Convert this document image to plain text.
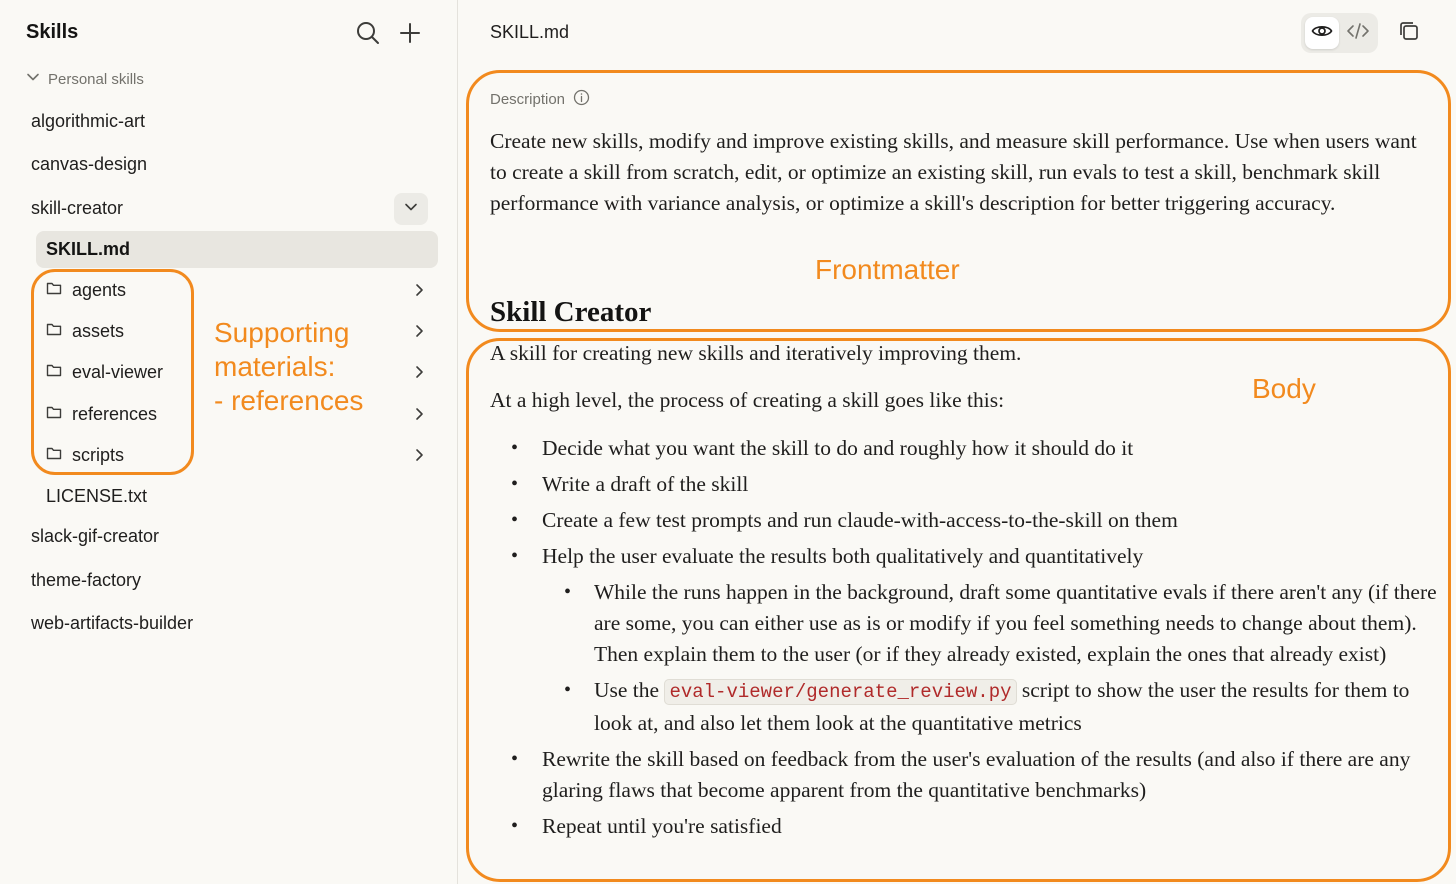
Skills
Personal skills
algorithmic-art
canvas-design
skill-creator
SKILL.md
agents
assets
eval-viewer
references
scripts
LICENSE.txt
slack-gif-creator
theme-factory
web-artifacts-builder
Supporting
materials:
- references
SKILL.md
Description

Create new skills, modify and improve existing skills, and measure skill performance. Use when users want to create a skill from scratch, edit, or optimize an existing skill, run evals to test a skill, benchmark skill performance with variance analysis, or optimize a skill's description for better triggering accuracy.

Skill Creator

A skill for creating new skills and iteratively improving them.

At a high level, the process of creating a skill goes like this:

• Decide what you want the skill to do and roughly how it should do it
• Write a draft of the skill
• Create a few test prompts and run claude-with-access-to-the-skill on them
• Help the user evaluate the results both qualitatively and quantitatively
• While the runs happen in the background, draft some quantitative evals if there aren't any (if there are some, you can either use as is or modify if you feel something needs to change about them). Then explain them to the user (or if they already existed, explain the ones that already exist)
• Use the eval-viewer/generate_review.py script to show the user the results for them to look at, and also let them look at the quantitative metrics
• Rewrite the skill based on feedback from the user's evaluation of the results (and also if there are any glaring flaws that become apparent from the quantitative benchmarks)
• Repeat until you're satisfied
Frontmatter
Body
